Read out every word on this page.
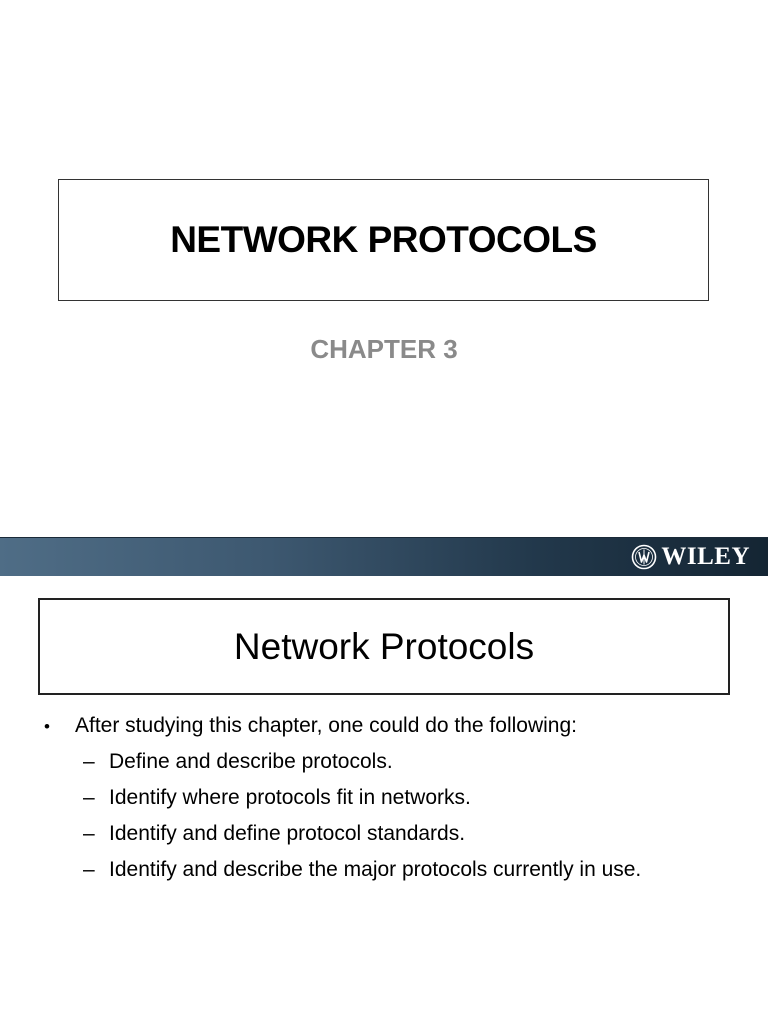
NETWORK PROTOCOLS
CHAPTER 3
WILEY
Network Protocols
•	After studying this chapter, one could do the following:
– Define and describe protocols.
– Identify where protocols fit in networks.
– Identify and define protocol standards.
– Identify and describe the major protocols currently in use.
